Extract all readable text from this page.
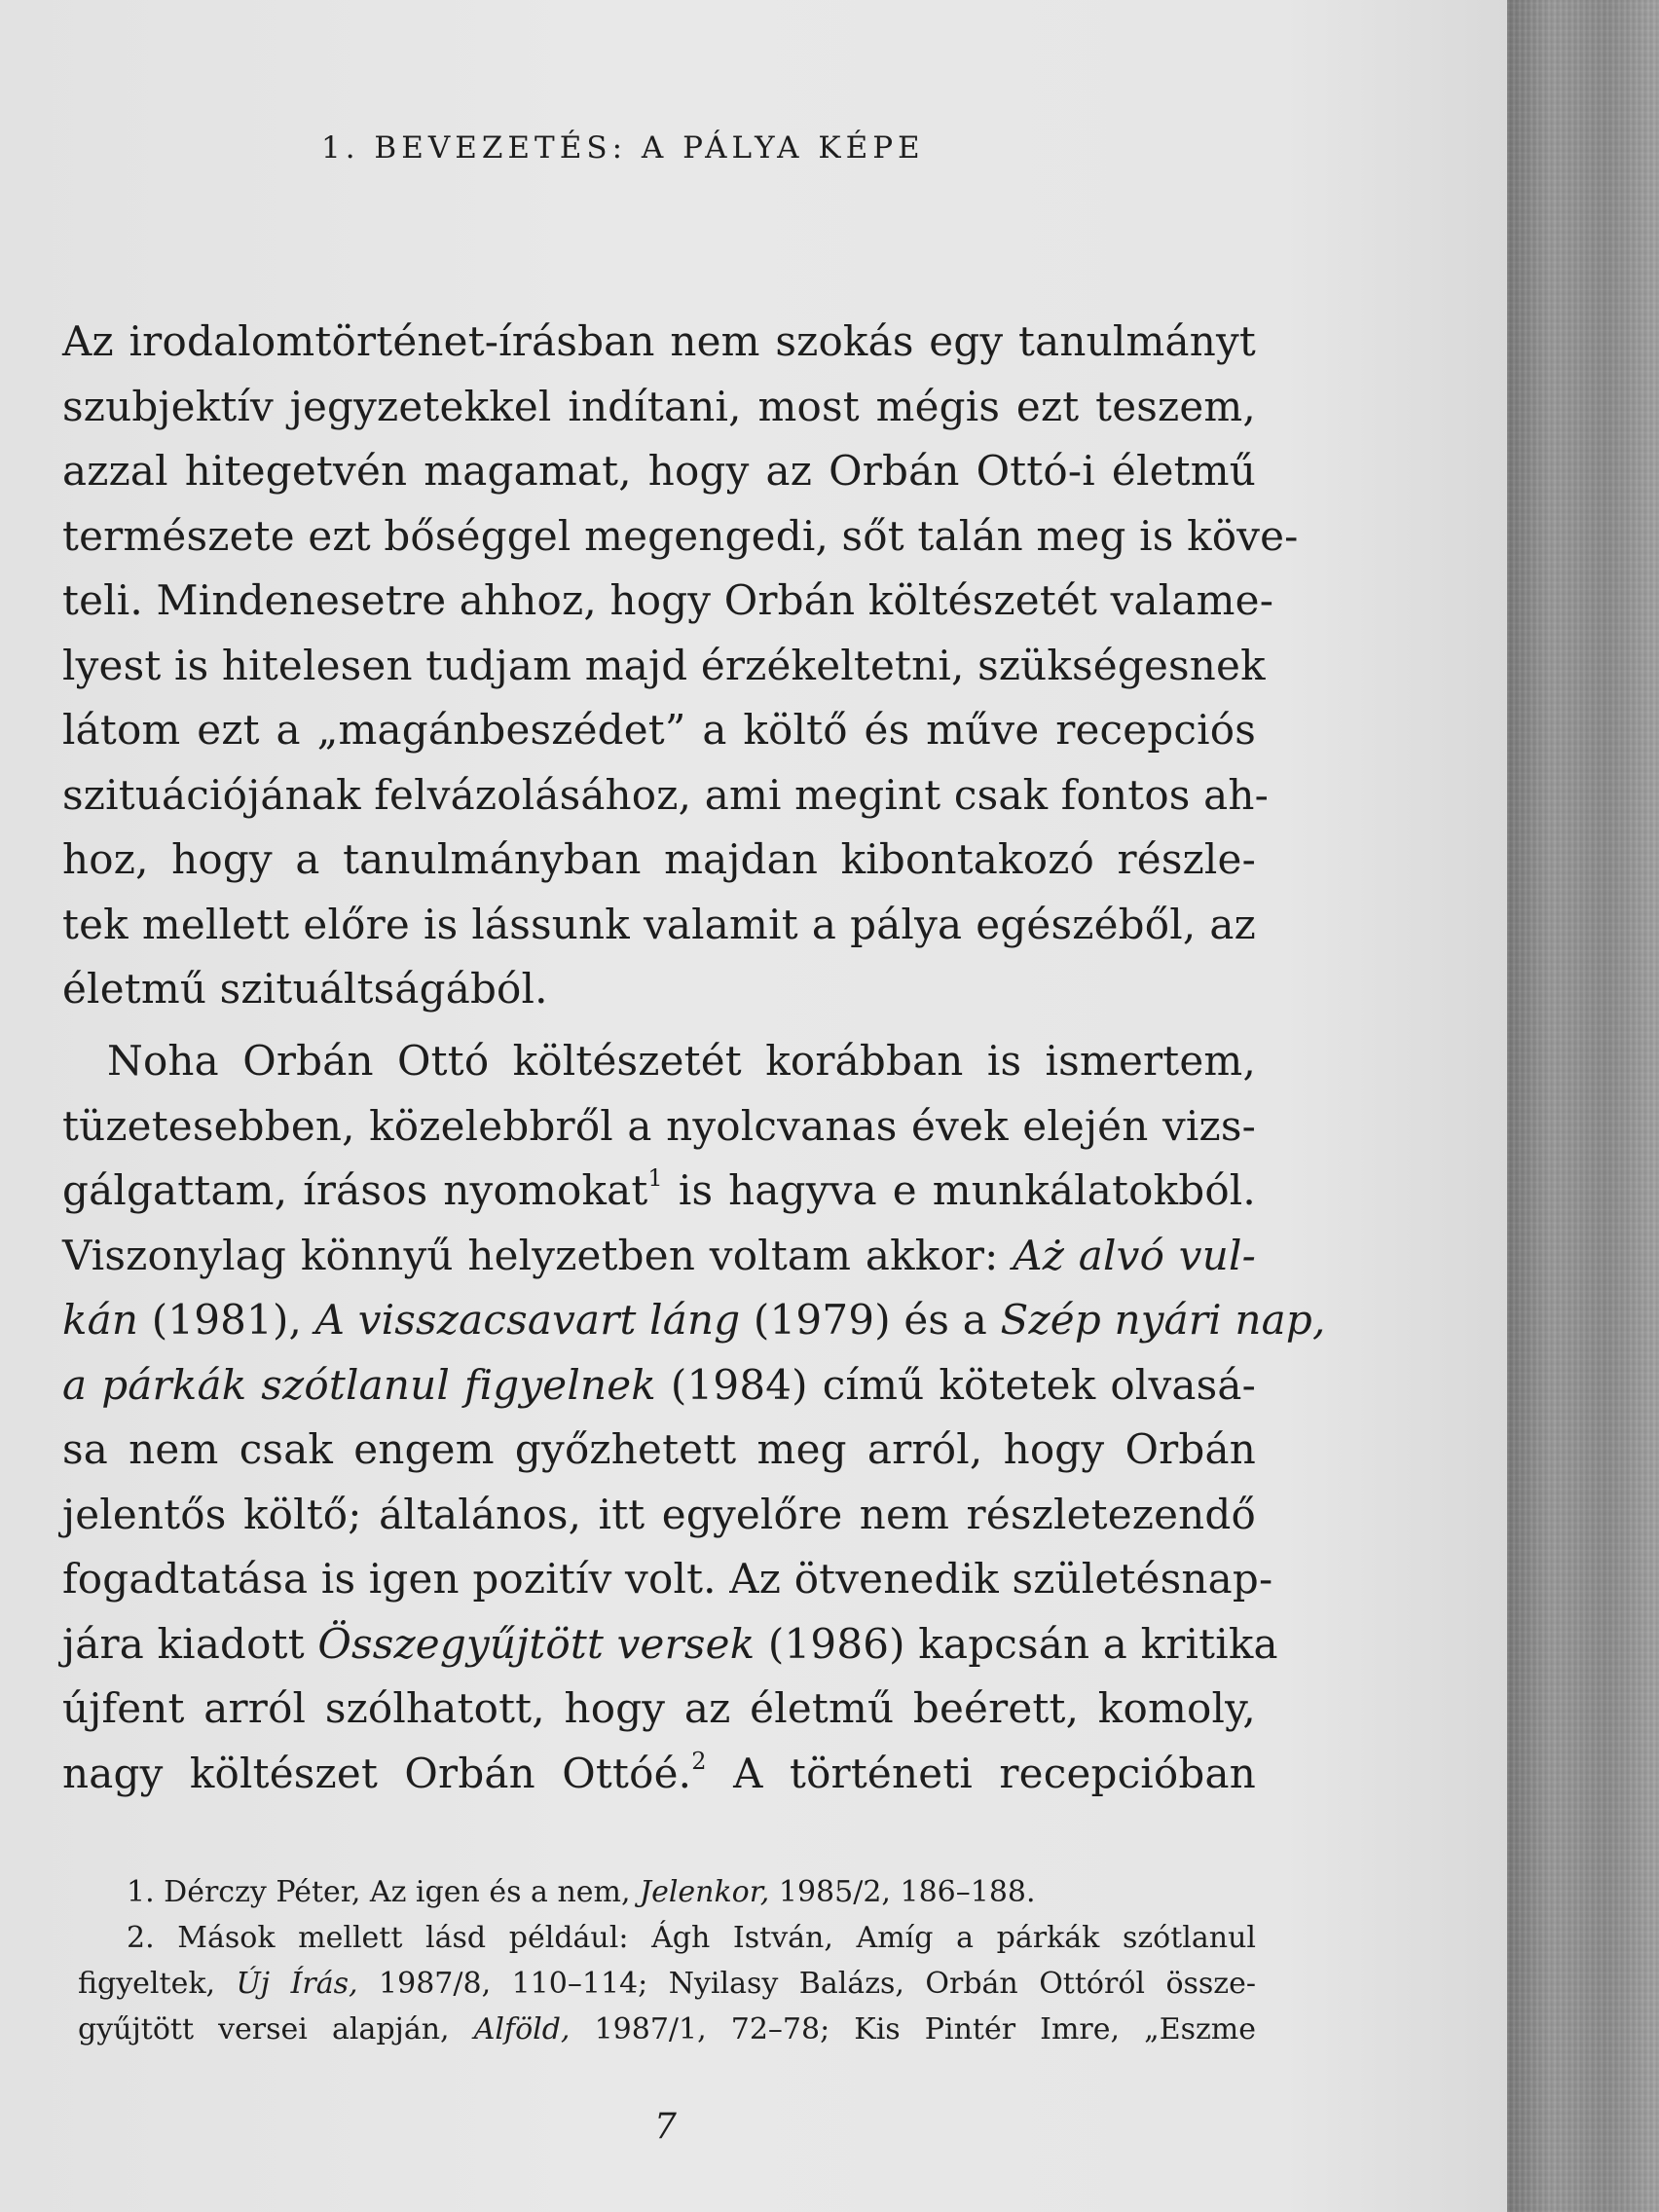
1. BEVEZETÉS: A PÁLYA KÉPE
Az irodalomtörténet-írásban nem szokás egy tanulmányt
szubjektív jegyzetekkel indítani, most mégis ezt teszem,
azzal hitegetvén magamat, hogy az Orbán Ottó-i életmű
természete ezt bőséggel megengedi, sőt talán meg is köve-
teli. Mindenesetre ahhoz, hogy Orbán költészetét valame-
lyest is hitelesen tudjam majd érzékeltetni, szükségesnek
látom ezt a „magánbeszédet” a költő és műve recepciós
szituációjának felvázolásához, ami megint csak fontos ah-
hoz, hogy a tanulmányban majdan kibontakozó részle-
tek mellett előre is lássunk valamit a pálya egészéből, az
életmű szituáltságából.
Noha Orbán Ottó költészetét korábban is ismertem,
tüzetesebben, közelebbről a nyolcvanas évek elején vizs-
gálgattam, írásos nyomokat$^1$ is hagyva e munkálatokból.
Viszonylag könnyű helyzetben voltam akkor: Aż alvó vul-
kán (1981), A visszacsavart láng (1979) és a Szép nyári nap,
a párkák szótlanul figyelnek (1984) című kötetek olvasá-
sa nem csak engem győzhetett meg arról, hogy Orbán
jelentős költő; általános, itt egyelőre nem részletezendő
fogadtatása is igen pozitív volt. Az ötvenedik születésnap-
jára kiadott Összegyűjtött versek (1986) kapcsán a kritika
újfent arról szólhatott, hogy az életmű beérett, komoly,
nagy költészet Orbán Ottóé.$^2$ A történeti recepcióban
1. Dérczy Péter, Az igen és a nem, Jelenkor, 1985/2, 186–188.
2. Mások mellett lásd például: Ágh István, Amíg a párkák szótlanul
figyeltek, Új Írás, 1987/8, 110–114; Nyilasy Balázs, Orbán Ottóról össze-
gyűjtött versei alapján, Alföld, 1987/1, 72–78; Kis Pintér Imre, „Eszme
7
